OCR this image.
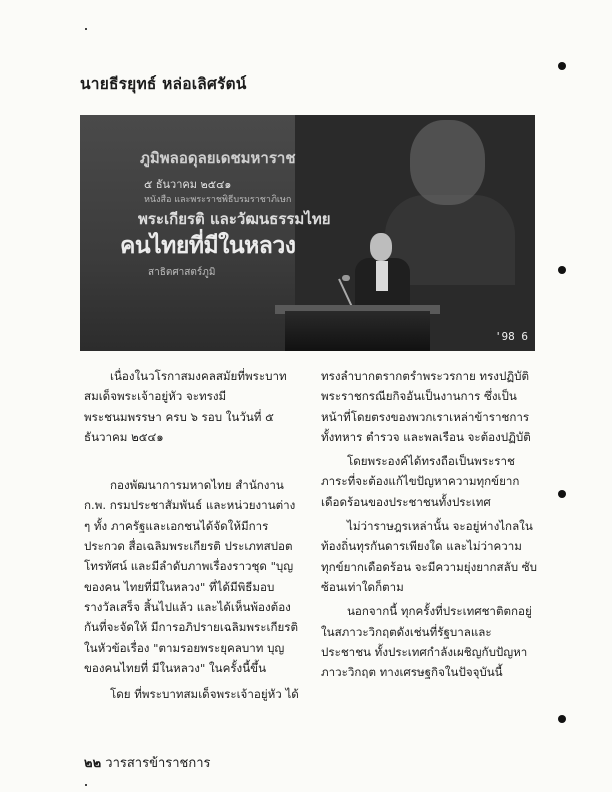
นายธีรยุทธ์ หล่อเลิศรัตน์
ภูมิพลอดุลยเดชมหาราช
๕ ธันวาคม ๒๕๔๑
หนังสือ และพระราชพิธีบรมราชาภิเษก
พระเกียรติ และวัฒนธรรมไทย
คนไทยที่มีในหลวง
สาธิตศาสตร์ภูมิ
'98 6

เนื่องในวโรกาสมงคลสมัยที่พระบาท สมเด็จพระเจ้าอยู่หัว จะทรงมีพระชนมพรรษา ครบ ๖ รอบ ในวันที่ ๕ ธันวาคม ๒๕๔๑

กองพัฒนาการมหาดไทย สำนักงาน ก.พ. กรมประชาสัมพันธ์ และหน่วยงานต่าง ๆ ทั้ง ภาครัฐและเอกชนได้จัดให้มีการประกวด สื่อเฉลิมพระเกียรติ ประเภทสปอตโทรทัศน์ และมีลำดับภาพเรื่องราวชุด "บุญของคน ไทยที่มีในหลวง" ที่ได้มีพิธีมอบรางวัลเสร็จ สิ้นไปแล้ว และได้เห็นพ้องต้องกันที่จะจัดให้ มีการอภิปรายเฉลิมพระเกียรติในหัวข้อเรื่อง "ตามรอยพระยุคลบาท บุญของคนไทยที่ มีในหลวง" ในครั้งนี้ขึ้น

โดย ที่พระบาทสมเด็จพระเจ้าอยู่หัว ได้

ทรงลำบากตรากตรำพระวรกาย ทรงปฏิบัติ พระราชกรณียกิจอันเป็นงานการ ซึ่งเป็น หน้าที่โดยตรงของพวกเราเหล่าข้าราชการ ทั้งทหาร ตำรวจ และพลเรือน จะต้องปฏิบัติ

โดยพระองค์ได้ทรงถือเป็นพระราช ภาระที่จะต้องแก้ไขปัญหาความทุกข์ยาก เดือดร้อนของประชาชนทั้งประเทศ

ไม่ว่าราษฎรเหล่านั้น จะอยู่ห่างไกลใน ท้องถิ่นทุรกันดารเพียงใด และไม่ว่าความ ทุกข์ยากเดือดร้อน จะมีความยุ่งยากสลับ ซับซ้อนเท่าใดก็ตาม

นอกจากนี้ ทุกครั้งที่ประเทศชาติตกอยู่ ในสภาวะวิกฤตดังเช่นที่รัฐบาลและประชาชน ทั้งประเทศกำลังเผชิญกับปัญหาภาวะวิกฤต ทางเศรษฐกิจในปัจจุบันนี้

๒๒ วารสารข้าราชการ
